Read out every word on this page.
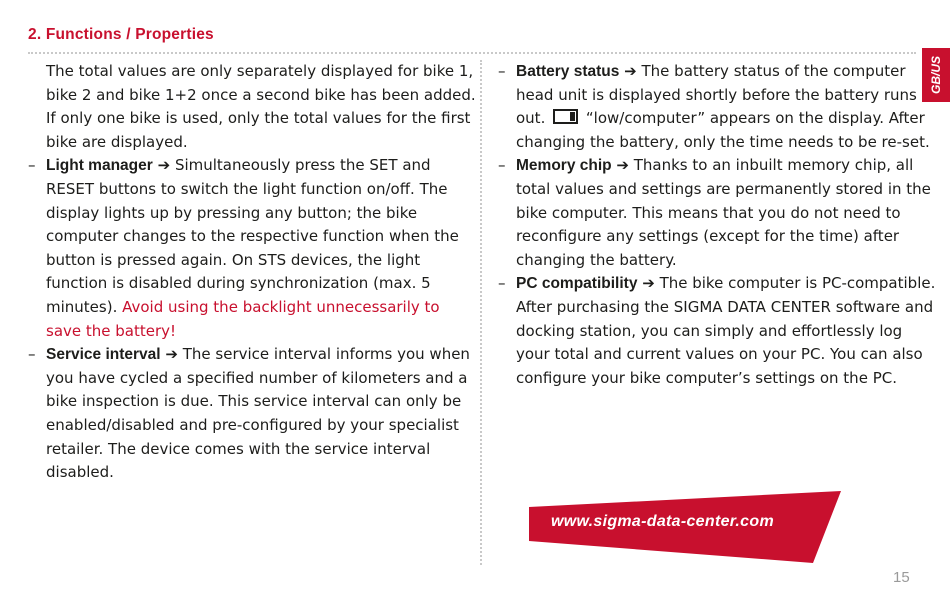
2. Functions / Properties
GB/US

The total values are only separately displayed for bike 1, bike 2 and bike 1+2 once a second bike has been added. If only one bike is used, only the total values for the first bike are displayed.

– Light manager ➔ Simultaneously press the SET and RESET buttons to switch the light function on/off. The display lights up by pressing any button; the bike computer changes to the respective function when the button is pressed again. On STS devices, the light function is disabled during synchronization (max. 5 minutes). Avoid using the backlight unnecessarily to save the battery!

– Service interval ➔ The service interval informs you when you have cycled a specified number of kilometers and a bike inspection is due. This service interval can only be enabled/disabled and pre-configured by your specialist retailer. The device comes with the service interval disabled.

– Battery status ➔ The battery status of the computer head unit is displayed shortly before the battery runs out.	“low/computer” appears on the display. After changing the battery, only the time needs to be re-set.

– Memory chip ➔ Thanks to an inbuilt memory chip, all total values and settings are permanently stored in the bike computer. This means that you do not need to reconfigure any settings (except for the time) after changing the battery.

– PC compatibility ➔ The bike computer is PC-compatible. After purchasing the SIGMA DATA CENTER software and docking station, you can simply and effortlessly log your total and current values on your PC. You can also configure your bike computer’s settings on the PC.

www.sigma-data-center.com
15
